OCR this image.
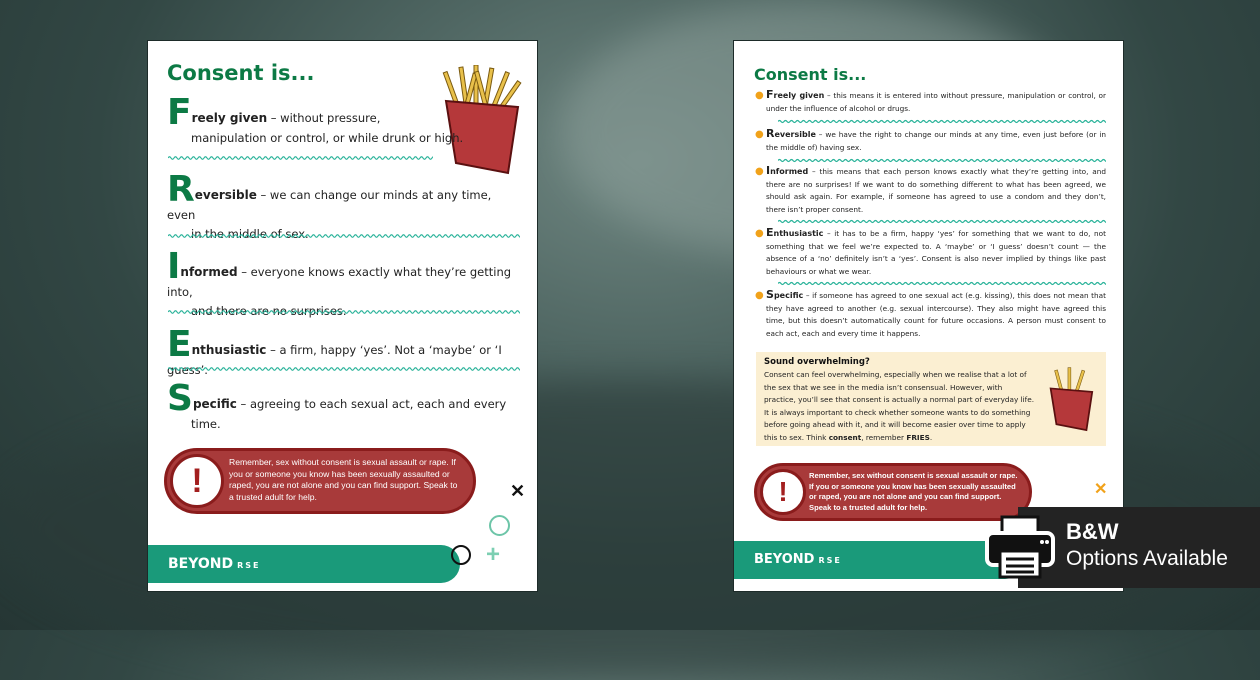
Consent is...
Freely given – without pressure,
manipulation or control, or while drunk or high.
Reversible – we can change our minds at any time, even
in the middle of sex.
Informed – everyone knows exactly what they’re getting into,
and there are no surprises.
Enthusiastic – a firm, happy ‘yes’. Not a ‘maybe’ or ‘I guess’.
Specific – agreeing to each sexual act, each and every
time.
!	Remember, sex without consent is sexual assault or rape. If you or someone you know has been sexually assaulted or raped, you are not alone and you can find support. Speak to a trusted adult for help.	✕
+
BEYOND RSE
Consent is...
● Freely given – this means it is entered into without pressure, manipulation or control, or under the influence of alcohol or drugs.
● Reversible – we have the right to change our minds at any time, even just before (or in the middle of) having sex.
● Informed – this means that each person knows exactly what they’re getting into, and there are no surprises! If we want to do something different to what has been agreed, we should ask again. For example, if someone has agreed to use a condom and they don’t, there isn’t proper consent.
● Enthusiastic – it has to be a firm, happy ‘yes’ for something that we want to do, not something that we feel we’re expected to. A ‘maybe’ or ‘I guess’ doesn’t count — the absence of a ‘no’ definitely isn’t a ‘yes’. Consent is also never implied by things like past behaviours or what we wear.
● Specific – if someone has agreed to one sexual act (e.g. kissing), this does not mean that they have agreed to another (e.g. sexual intercourse). They also might have agreed this time, but this doesn’t automatically count for future occasions. A person must consent to each act, each and every time it happens.
Sound overwhelming?

Consent can feel overwhelming, especially when we realise that a lot of the sex that we see in the media isn’t consensual. However, with practice, you’ll see that consent is actually a normal part of everyday life. It is always important to check whether someone wants to do something before going ahead with it, and it will become easier over time to apply this to sex. Think consent, remember FRIES.

!
Remember, sex without consent is sexual assault or rape. If you or someone you know has been sexually assaulted or raped, you are not alone and you can find support. Speak to a trusted adult for help.
✕
BEYOND RSE
B&W
Options Available
